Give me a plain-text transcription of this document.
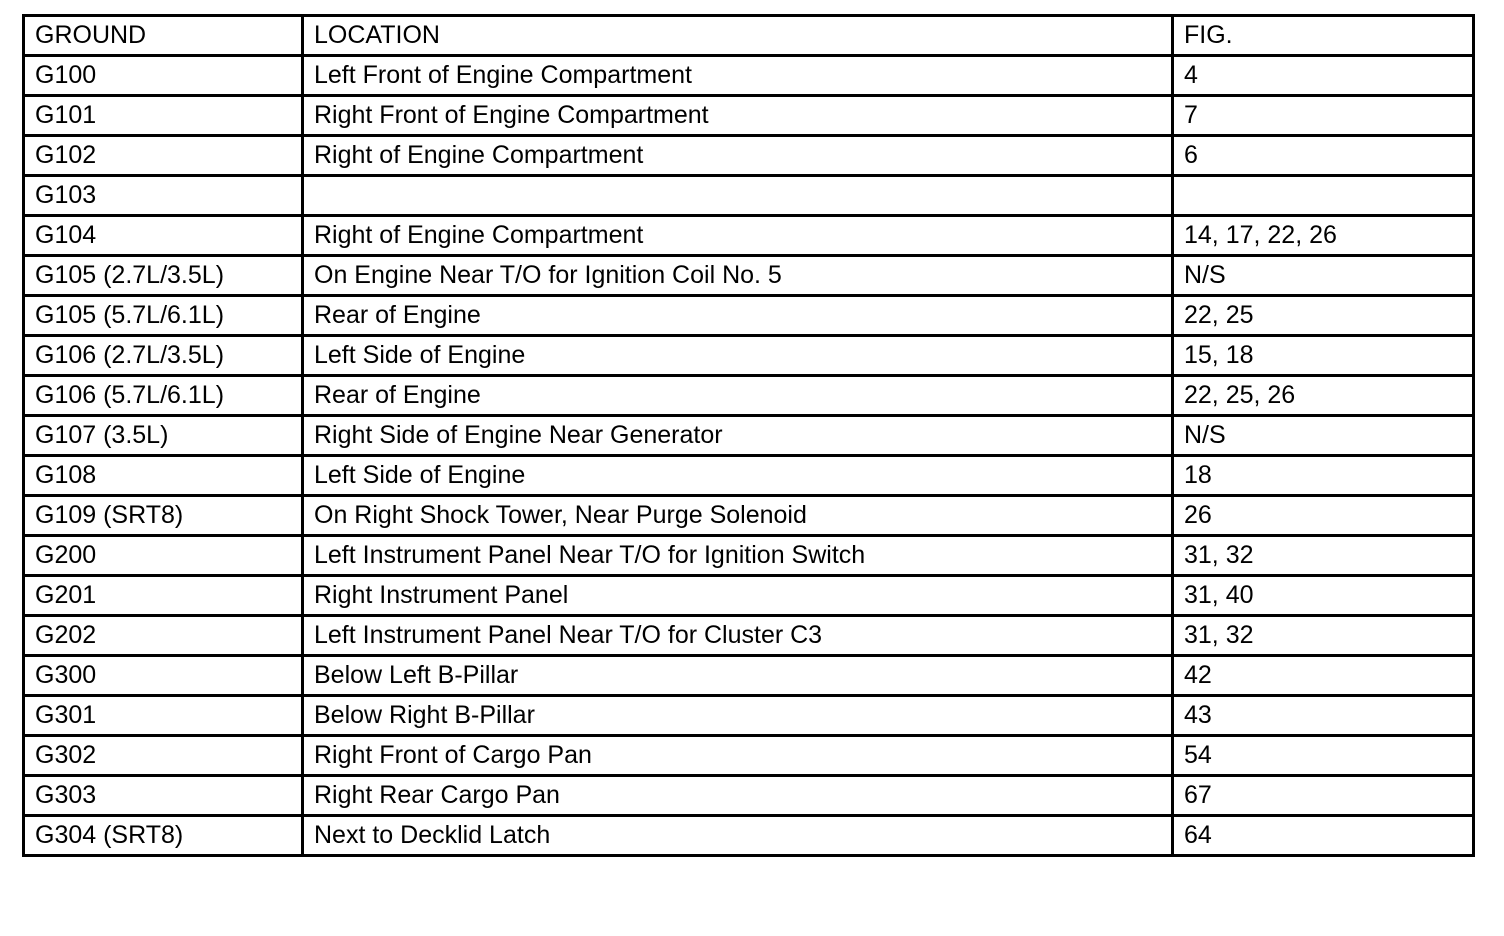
GROUND	LOCATION	FIG.
G100	Left Front of Engine Compartment	4
G101	Right Front of Engine Compartment	7
G102	Right of Engine Compartment	6
G103		
G104	Right of Engine Compartment	14, 17, 22, 26
G105 (2.7L/3.5L)	On Engine Near T/O for Ignition Coil No. 5	N/S
G105 (5.7L/6.1L)	Rear of Engine	22, 25
G106 (2.7L/3.5L)	Left Side of Engine	15, 18
G106 (5.7L/6.1L)	Rear of Engine	22, 25, 26
G107 (3.5L)	Right Side of Engine Near Generator	N/S
G108	Left Side of Engine	18
G109 (SRT8)	On Right Shock Tower, Near Purge Solenoid	26
G200	Left Instrument Panel Near T/O for Ignition Switch	31, 32
G201	Right Instrument Panel	31, 40
G202	Left Instrument Panel Near T/O for Cluster C3	31, 32
G300	Below Left B-Pillar	42
G301	Below Right B-Pillar	43
G302	Right Front of Cargo Pan	54
G303	Right Rear Cargo Pan	67
G304 (SRT8)	Next to Decklid Latch	64
